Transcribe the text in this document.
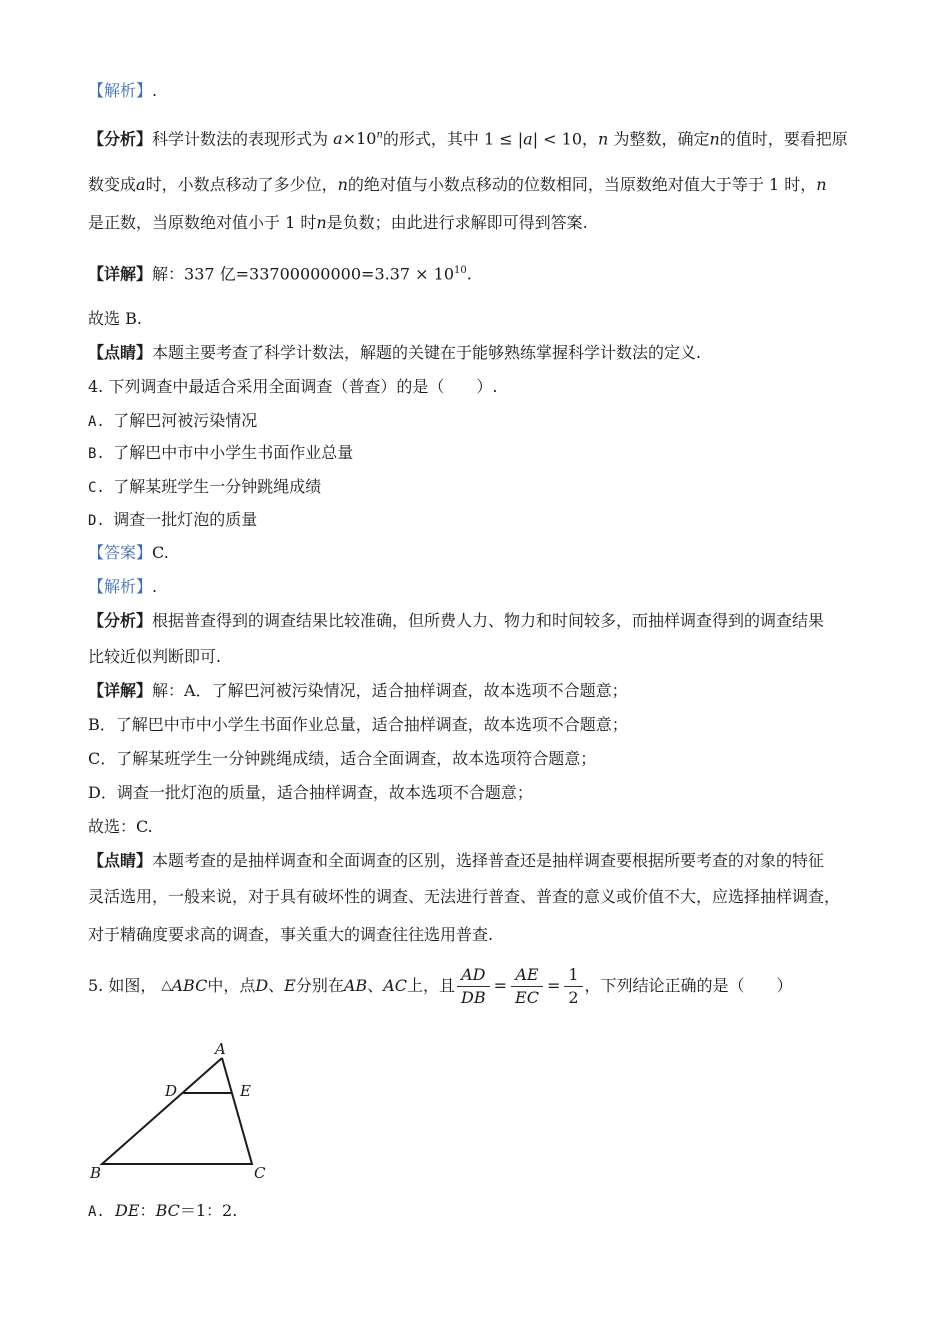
【解析】.
【分析】科学计数法的表现形式为 $a\times 10^n$的形式，其中 1 ≤ |a| < 10，n 为整数，确定n的值时，要看把原
数变成a时，小数点移动了多少位，n的绝对值与小数点移动的位数相同，当原数绝对值大于等于 1 时，n
是正数，当原数绝对值小于 1 时n是负数；由此进行求解即可得到答案.
【详解】解：337 亿$=33700000000=3.37 \times 10^{10}$.
故选 B.
【点睛】本题主要考查了科学计数法，解题的关键在于能够熟练掌握科学计数法的定义.
4. 下列调查中最适合采用全面调查（普查）的是（　　）.
A. 了解巴河被污染情况
B. 了解巴中市中小学生书面作业总量
C. 了解某班学生一分钟跳绳成绩
D. 调查一批灯泡的质量
【答案】C.
【解析】.
【分析】根据普查得到的调查结果比较准确，但所费人力、物力和时间较多，而抽样调查得到的调查结果
比较近似判断即可.
【详解】解：A．了解巴河被污染情况，适合抽样调查，故本选项不合题意；
B．了解巴中市中小学生书面作业总量，适合抽样调查，故本选项不合题意；
C．了解某班学生一分钟跳绳成绩，适合全面调查，故本选项符合题意；
D．调查一批灯泡的质量，适合抽样调查，故本选项不合题意；
故选：C.
【点睛】本题考查的是抽样调查和全面调查的区别，选择普查还是抽样调查要根据所要考查的对象的特征
灵活选用，一般来说，对于具有破坏性的调查、无法进行普查、普查的意义或价值不大，应选择抽样调查，
对于精确度要求高的调查，事关重大的调查往往选用普查.
5. 如图，
△ ABC 中，点 D 、 E 分别在 AB 、 AC 上，且 $\frac{AD}{DB} = \frac{AE}{EC} = \frac{1}{2}$ ，下列结论正确的是（　　）
A
D	E
B	C
A. DE：BC＝1：2.
